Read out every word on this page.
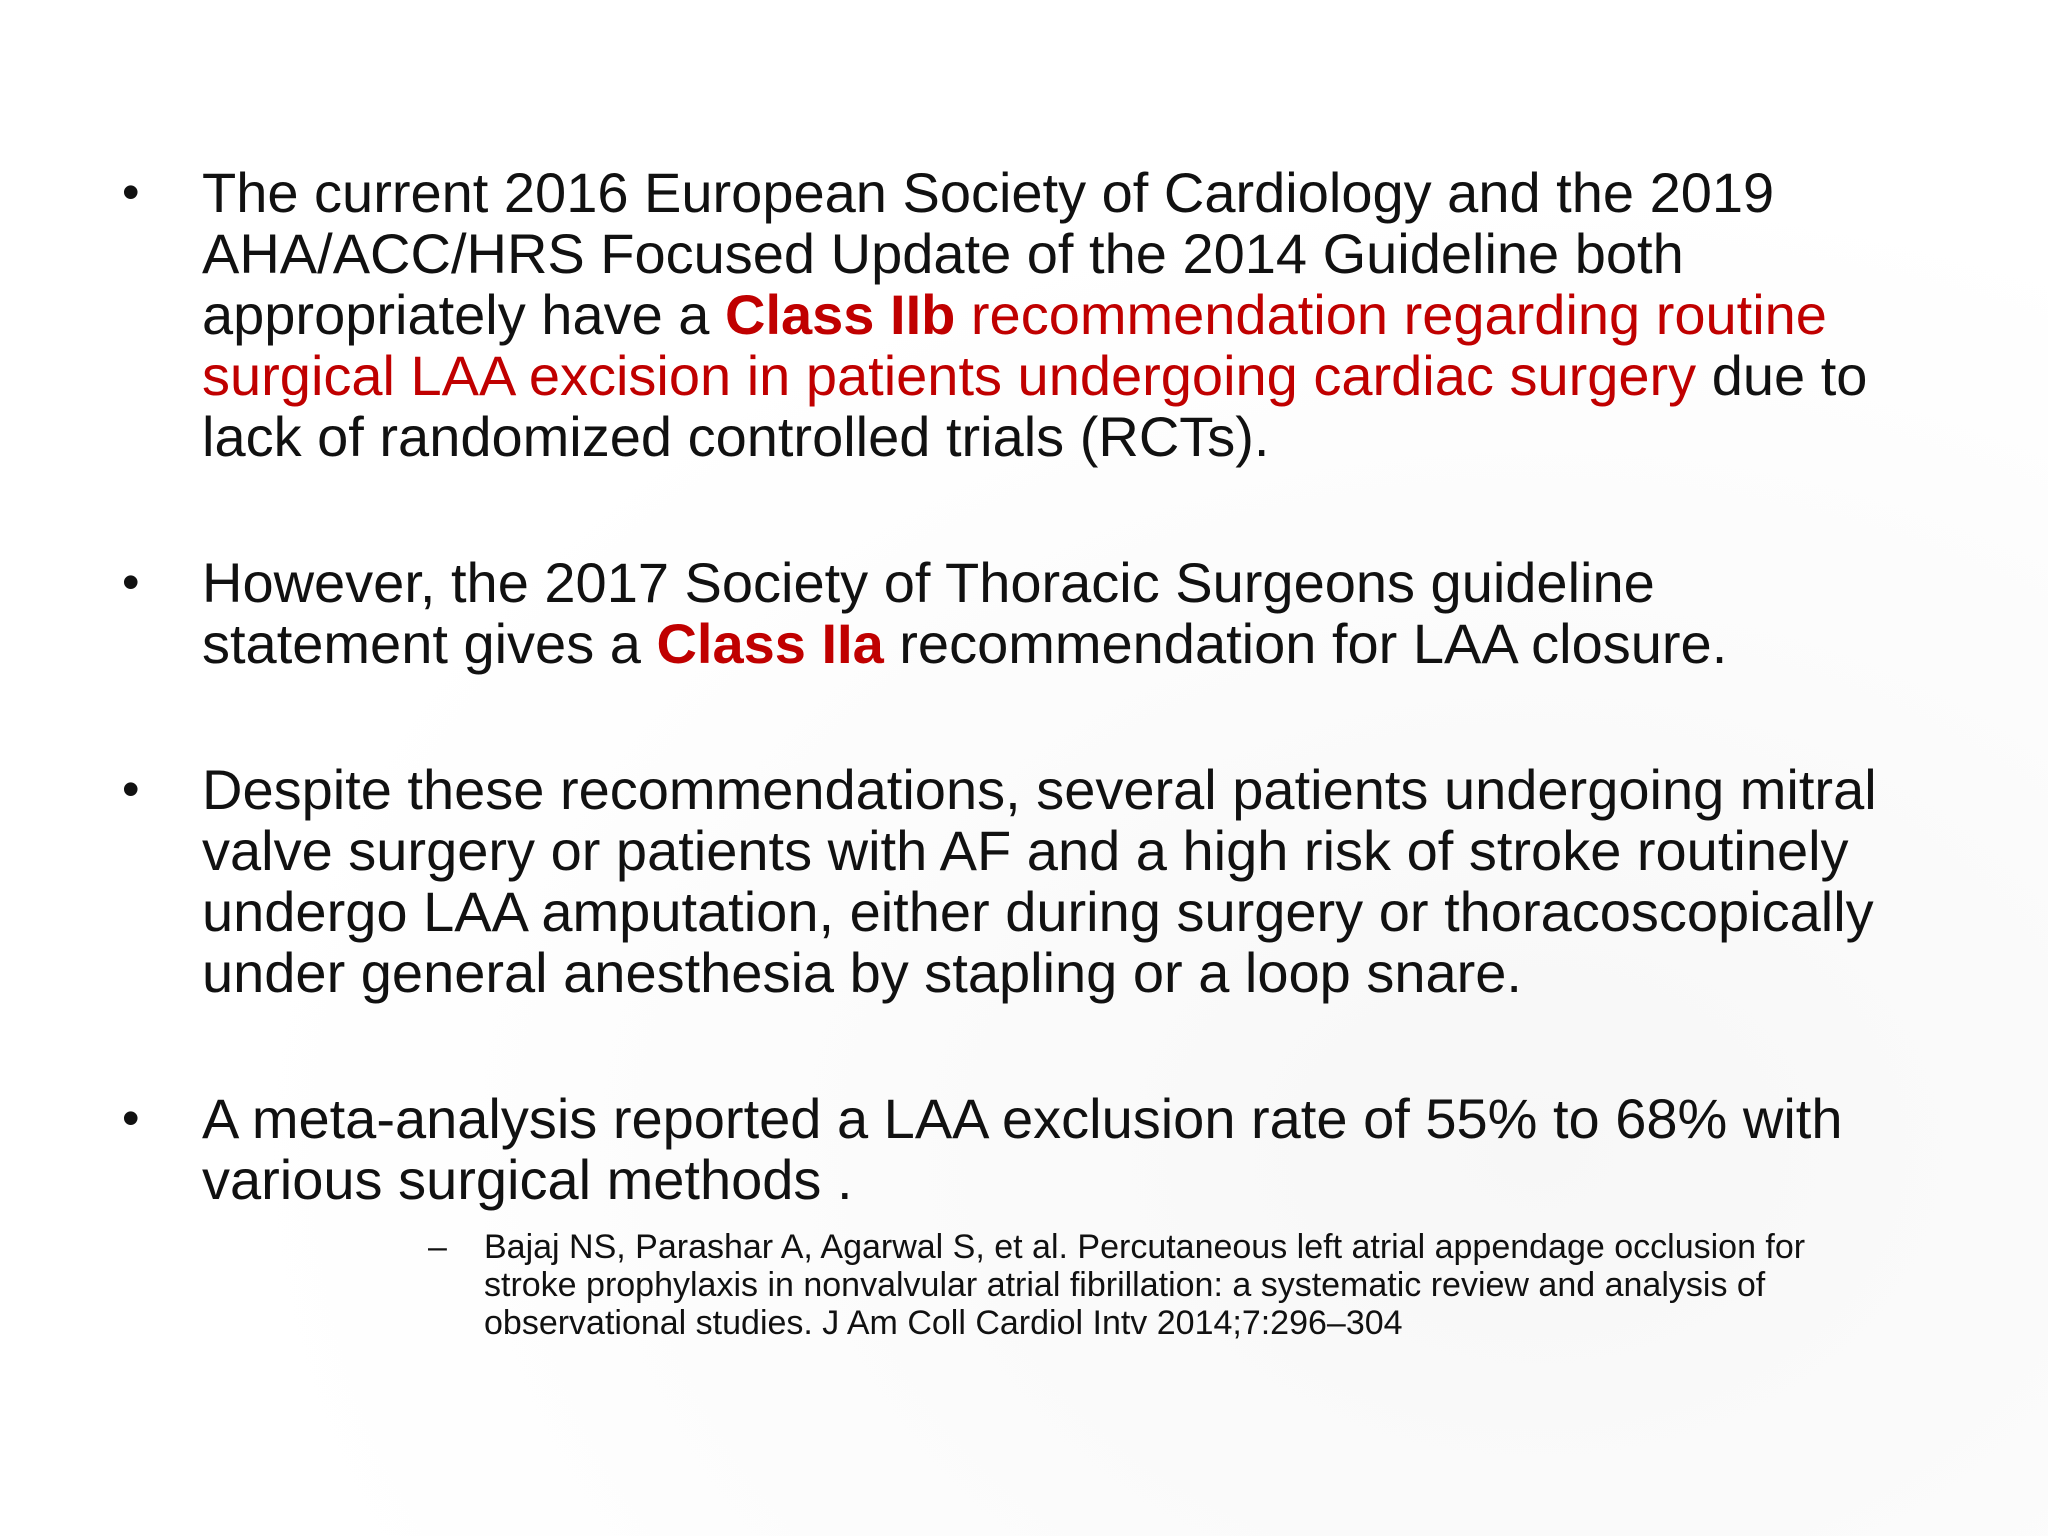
• The current 2016 European Society of Cardiology and the 2019
AHA/ACC/HRS Focused Update of the 2014 Guideline both
appropriately have a Class IIb recommendation regarding routine
surgical LAA excision in patients undergoing cardiac surgery due to
lack of randomized controlled trials (RCTs).
• However, the 2017 Society of Thoracic Surgeons guideline
statement gives a Class IIa recommendation for LAA closure.
• Despite these recommendations, several patients undergoing mitral
valve surgery or patients with AF and a high risk of stroke routinely
undergo LAA amputation, either during surgery or thoracoscopically
under general anesthesia by stapling or a loop snare.
• A meta-analysis reported a LAA exclusion rate of 55% to 68% with
various surgical methods .
– Bajaj NS, Parashar A, Agarwal S, et al. Percutaneous left atrial appendage occlusion for
stroke prophylaxis in nonvalvular atrial fibrillation: a systematic review and analysis of
observational studies. J Am Coll Cardiol Intv 2014;7:296–304
